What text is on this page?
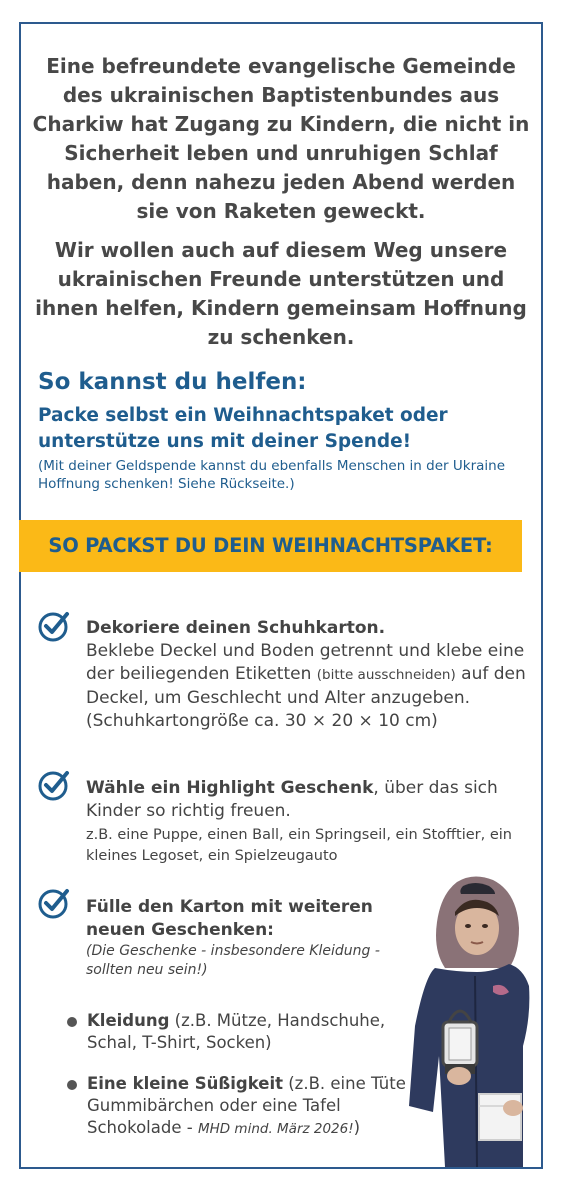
Eine befreundete evangelische Gemeinde des ukrainischen Baptistenbundes aus Charkiw hat Zugang zu Kindern, die nicht in Sicherheit leben und unruhigen Schlaf haben, denn nahezu jeden Abend werden sie von Raketen geweckt.

Wir wollen auch auf diesem Weg unsere ukrainischen Freunde unterstützen und ihnen helfen, Kindern gemeinsam Hoffnung zu schenken.

So kannst du helfen:
Packe selbst ein Weihnachtspaket oder unterstütze uns mit deiner Spende!
(Mit deiner Geldspende kannst du ebenfalls Menschen in der Ukraine Hoffnung schenken! Siehe Rückseite.)
SO PACKST DU DEIN WEIHNACHTSPAKET:
Dekoriere deinen Schuhkarton.
Beklebe Deckel und Boden getrennt und klebe eine der beiliegenden Etiketten (bitte ausschneiden) auf den Deckel, um Geschlecht und Alter anzugeben.
(Schuhkartongröße ca. 30 × 20 × 10 cm)
Wähle ein Highlight Geschenk, über das sich Kinder so richtig freuen.
z.B. eine Puppe, einen Ball, ein Springseil, ein Stofftier, ein kleines Legoset, ein Spielzeugauto
Fülle den Karton mit weiteren neuen Geschenken:
(Die Geschenke - insbesondere Kleidung - sollten neu sein!)
Kleidung (z.B. Mütze, Handschuhe, Schal, T-Shirt, Socken)
Eine kleine Süßigkeit (z.B. eine Tüte Gummibärchen oder eine Tafel Schokolade - MHD mind. März 2026!)
